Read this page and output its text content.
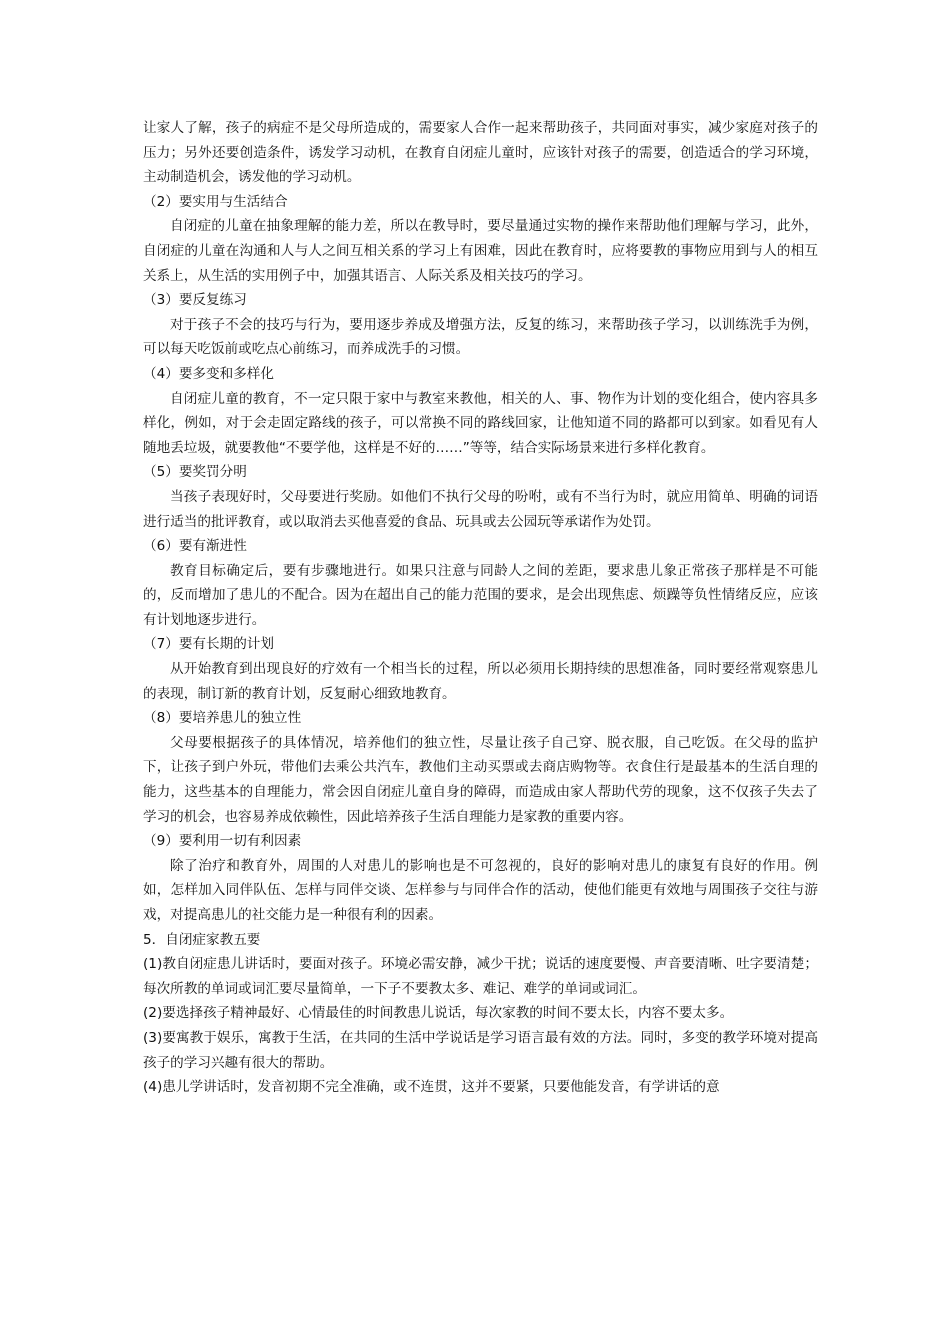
让家人了解，孩子的病症不是父母所造成的，需要家人合作一起来帮助孩子，共同面对事实，减少家庭对孩子的压力；另外还要创造条件，诱发学习动机，在教育自闭症儿童时，应该针对孩子的需要，创造适合的学习环境，主动制造机会，诱发他的学习动机。

（2）要实用与生活结合

自闭症的儿童在抽象理解的能力差，所以在教导时，要尽量通过实物的操作来帮助他们理解与学习，此外，自闭症的儿童在沟通和人与人之间互相关系的学习上有困难，因此在教育时，应将要教的事物应用到与人的相互关系上，从生活的实用例子中，加强其语言、人际关系及相关技巧的学习。

（3）要反复练习

对于孩子不会的技巧与行为，要用逐步养成及增强方法，反复的练习，来帮助孩子学习，以训练洗手为例，可以每天吃饭前或吃点心前练习，而养成洗手的习惯。

（4）要多变和多样化

自闭症儿童的教育，不一定只限于家中与教室来教他，相关的人、事、物作为计划的变化组合，使内容具多样化，例如，对于会走固定路线的孩子，可以常换不同的路线回家，让他知道不同的路都可以到家。如看见有人随地丢垃圾，就要教他“不要学他，这样是不好的……”等等，结合实际场景来进行多样化教育。

（5）要奖罚分明

当孩子表现好时，父母要进行奖励。如他们不执行父母的吩咐，或有不当行为时，就应用简单、明确的词语进行适当的批评教育，或以取消去买他喜爱的食品、玩具或去公园玩等承诺作为处罚。

（6）要有渐进性

教育目标确定后，要有步骤地进行。如果只注意与同龄人之间的差距，要求患儿象正常孩子那样是不可能的，反而增加了患儿的不配合。因为在超出自己的能力范围的要求，是会出现焦虑、烦躁等负性情绪反应，应该有计划地逐步进行。

（7）要有长期的计划

从开始教育到出现良好的疗效有一个相当长的过程，所以必须用长期持续的思想准备，同时要经常观察患儿的表现，制订新的教育计划，反复耐心细致地教育。

（8）要培养患儿的独立性

父母要根据孩子的具体情况，培养他们的独立性，尽量让孩子自己穿、脱衣服，自己吃饭。在父母的监护下，让孩子到户外玩，带他们去乘公共汽车，教他们主动买票或去商店购物等。衣食住行是最基本的生活自理的能力，这些基本的自理能力，常会因自闭症儿童自身的障碍，而造成由家人帮助代劳的现象，这不仅孩子失去了学习的机会，也容易养成依赖性，因此培养孩子生活自理能力是家教的重要内容。

（9）要利用一切有利因素

除了治疗和教育外，周围的人对患儿的影响也是不可忽视的，良好的影响对患儿的康复有良好的作用。例如，怎样加入同伴队伍、怎样与同伴交谈、怎样参与与同伴合作的活动，使他们能更有效地与周围孩子交往与游戏，对提高患儿的社交能力是一种很有利的因素。

5．自闭症家教五要

(1)教自闭症患儿讲话时，要面对孩子。环境必需安静，减少干扰；说话的速度要慢、声音要清晰、吐字要清楚；每次所教的单词或词汇要尽量简单，一下子不要教太多、难记、难学的单词或词汇。

(2)要选择孩子精神最好、心情最佳的时间教患儿说话，每次家教的时间不要太长，内容不要太多。

(3)要寓教于娱乐，寓教于生活，在共同的生活中学说话是学习语言最有效的方法。同时，多变的教学环境对提高孩子的学习兴趣有很大的帮助。

(4)患儿学讲话时，发音初期不完全准确，或不连贯，这并不要紧，只要他能发音，有学讲话的意
